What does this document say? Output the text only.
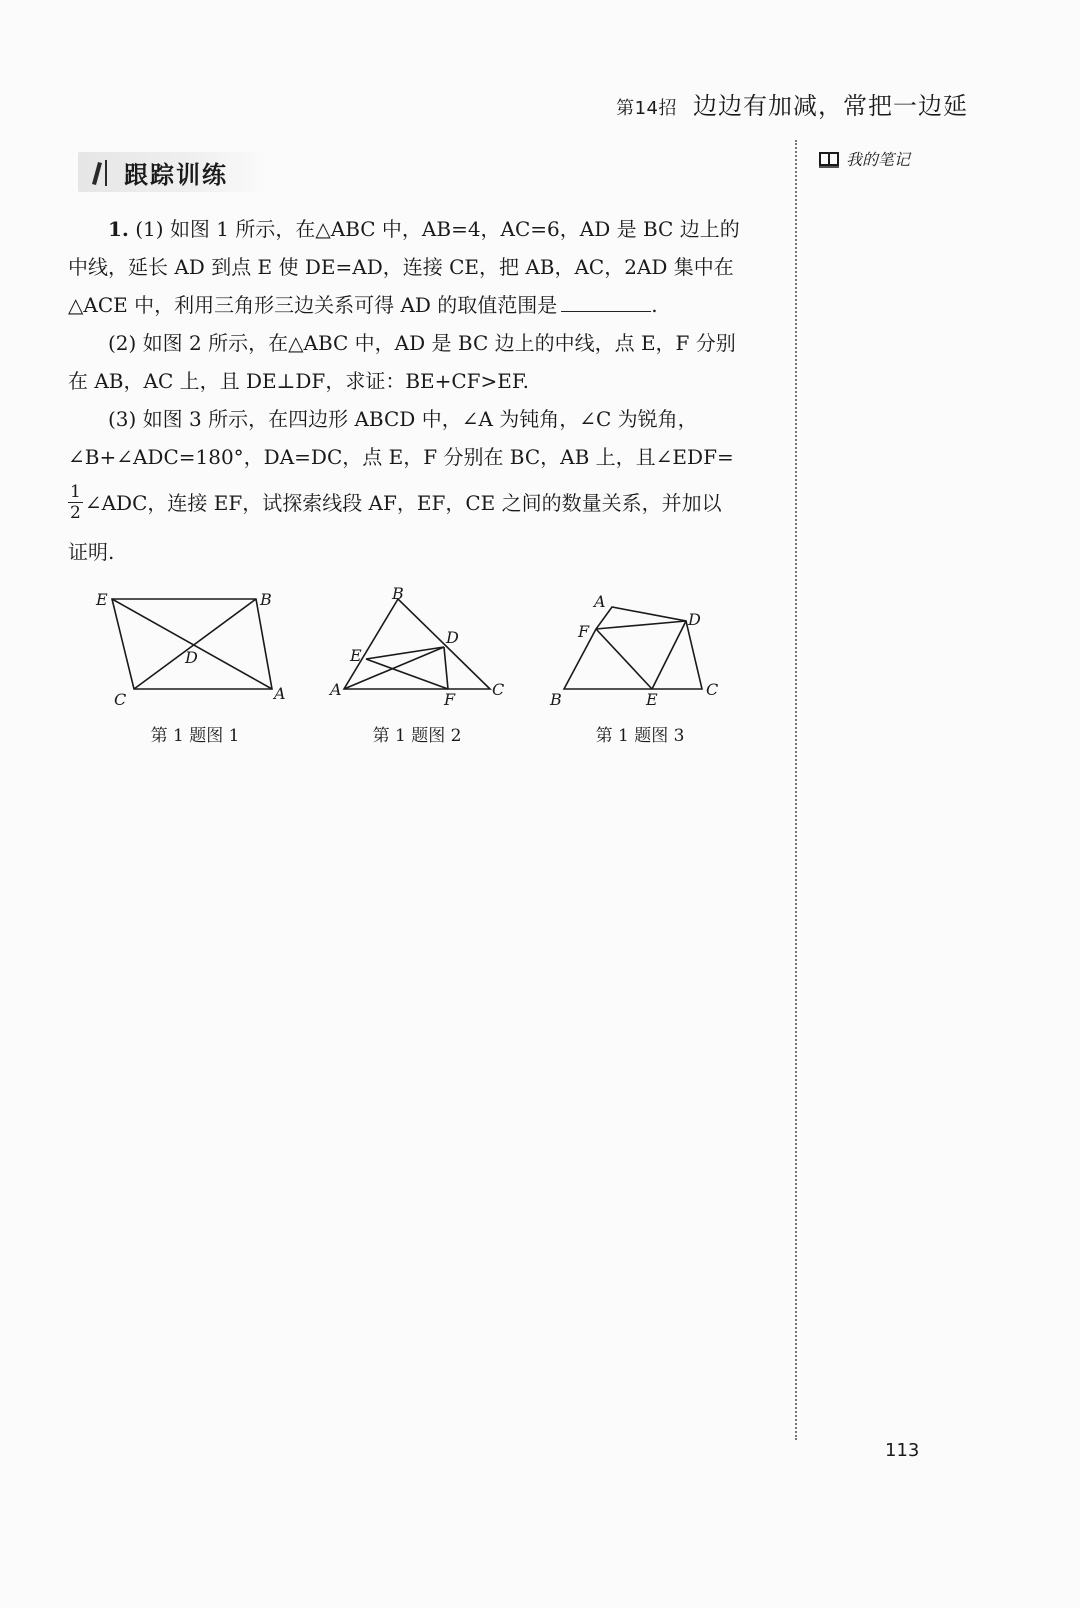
第14招 边边有加减，常把一边延
我的笔记
跟踪训练

1. (1) 如图 1 所示，在△ABC 中，AB=4，AC=6，AD 是 BC 边上的

中线，延长 AD 到点 E 使 DE=AD，连接 CE，把 AB，AC，2AD 集中在

△ACE 中，利用三角形三边关系可得 AD 的取值范围是	.

(2) 如图 2 所示，在△ABC 中，AD 是 BC 边上的中线，点 E，F 分别

在 AB，AC 上，且 DE⊥DF，求证：BE+CF>EF.

(3) 如图 3 所示，在四边形 ABCD 中，∠A 为钝角，∠C 为锐角，

∠B+∠ADC=180°，DA=DC，点 E，F 分别在 BC，AB 上，且∠EDF=

$\frac{1}{2}$ ∠ADC，连接 EF，试探索线段 AF，EF，CE 之间的数量关系，并加以

证明.

E	B
D
C	A
第 1 题图 1
B
D
E
A
F
C
第 1 题图 2
A
D
F
B	E
C
第 1 题图 3
113
